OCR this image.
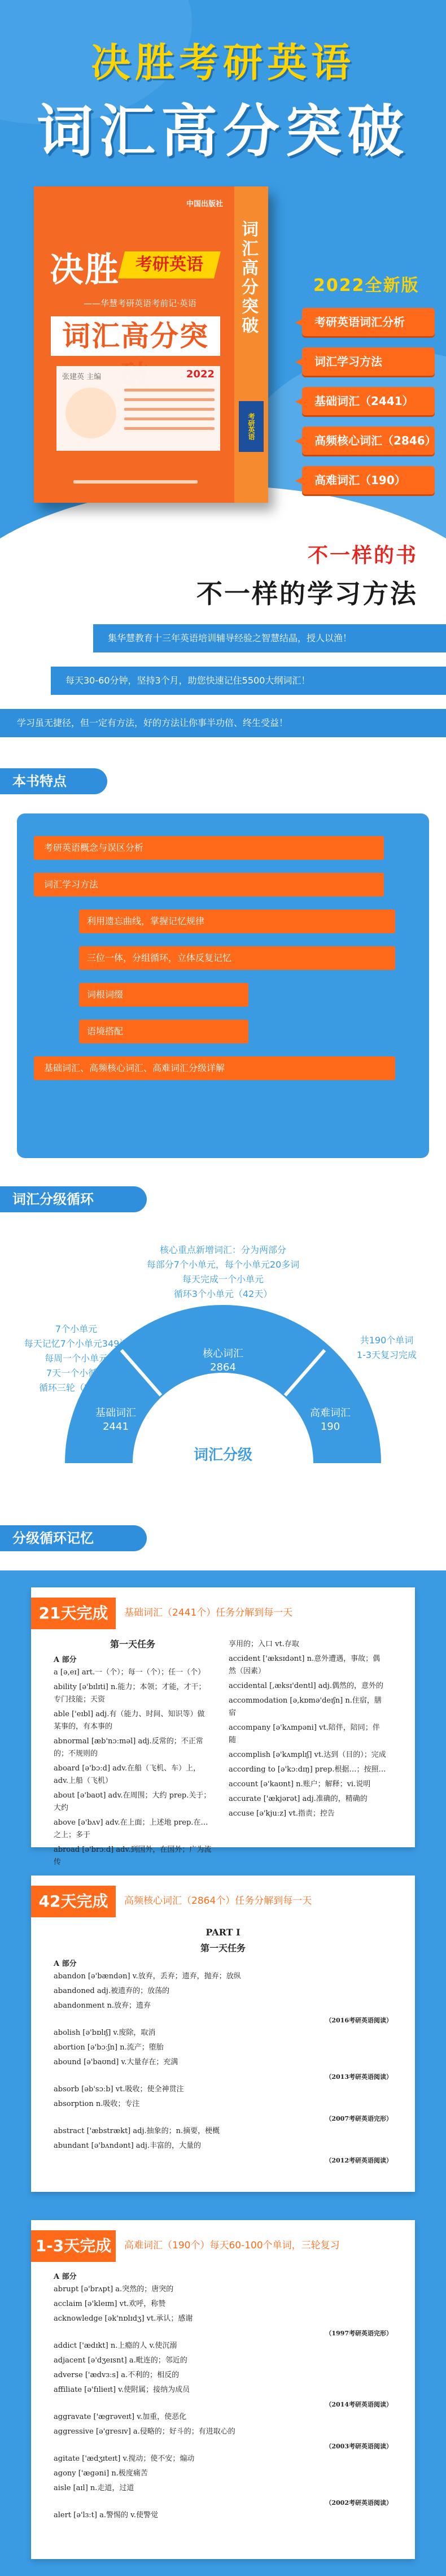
决胜考研英语
词汇高分突破
中国出版社
决胜 考研英语
——华慧考研英语考前记·英语
词汇高分突
张建英 主编	2022
词汇高分突破
考研英语
2022全新版
考研英语词汇分析
词汇学习方法
基础词汇（2441）
高频核心词汇（2846）
高难词汇（190）
不一样的书
不一样的学习方法
集华慧教育十三年英语培训辅导经验之智慧结晶，授人以渔！
每天30-60分钟，坚持3个月，助您快速记住5500大纲词汇！
学习虽无捷径，但一定有方法，好的方法让你事半功倍、终生受益！
本书特点
考研英语概念与误区分析
词汇学习方法
利用遗忘曲线，掌握记忆规律
三位一体，分组循环，立体反复记忆
词根词缀
语境搭配
基础词汇、高频核心词汇、高难词汇分级详解
词汇分级循环
基础词汇
2441
核心词汇
2864
高难词汇
190
词汇分级
7个小单元
每天记忆7个小单元349词
每周一个小单元
7天一个小循环
循环三轮（21天）
核心重点新增词汇：分为两部分
每部分7个小单元，每个小单元20多词
每天完成一个小单元
循环3个小单元（42天）
共190个单词
1-3天复习完成
分级循环记忆
21天完成	基础词汇（2441个）任务分解到每一天
第一天任务
A 部分
a [ə,eɪ] art.一（个）；每一（个）；任一（个）
ability [ə'bɪlɪti] n.能力；本领；才能，才干；专门技能；天资
able ['eɪbl] adj.有（能力、时间、知识等）做某事的，有本事的
abnormal [æb'nɔːməl] adj.反常的；不正常的；不规则的
aboard [ə'bɔːd] adv.在船（飞机、车）上，adv.上船（飞机）
about [ə'baʊt] adv.在周围；大约 prep.关于；大约
above [ə'bʌv] adv.在上面；上述地 prep.在…之上；多于
abroad [ə'brɔːd] adv.到国外，在国外；广为流传
享用的；入口 vt.存取
accident ['æksɪdənt] n.意外遭遇，事故；偶然（因素）
accidental [,æksɪ'dentl] adj.偶然的，意外的
accommodation [ə,kɒmə'deɪʃn] n.住宿，膳宿
accompany [ə'kʌmpəni] vt.陪伴，陪同；伴随
accomplish [ə'kʌmplɪʃ] vt.达到（目的）；完成
according to [ə'kɔːdɪŋ] prep.根据…；按照…
account [ə'kaʊnt] n.账户；解释；vi.说明
accurate ['ækjərət] adj.准确的，精确的
accuse [ə'kjuːz] vt.指责；控告
42天完成	高频核心词汇（2864个）任务分解到每一天
PART I
第一天任务
A 部分
abandon [ə'bændən] v.放弃，丢弃；遗弃，抛弃；放纵
abandoned adj.被遗弃的；放荡的
abandonment n.放弃；遗弃
（2016考研英语阅读）
abolish [ə'bɒlɪʃ] v.废除，取消
abortion [ə'bɔːʃn] n.流产；堕胎
abound [ə'baʊnd] v.大量存在；充满
（2013考研英语阅读）
absorb [əb'sɔːb] vt.吸收；使全神贯注
absorption n.吸收；专注
（2007考研英语完形）
abstract ['æbstrækt] adj.抽象的；n.摘要，梗概
abundant [ə'bʌndənt] adj.丰富的，大量的
（2012考研英语阅读）
1-3天完成	高难词汇（190个）每天60-100个单词，三轮复习
A 部分
abrupt [ə'brʌpt] a.突然的；唐突的
acclaim [ə'kleɪm] vt.欢呼，称赞
acknowledge [ək'nɒlɪdʒ] vt.承认；感谢
（1997考研英语完形）
addict ['ædɪkt] n.上瘾的人 v.使沉溺
adjacent [ə'dʒeɪsnt] a.毗连的；邻近的
adverse ['ædvɜːs] a.不利的；相反的
affiliate [ə'fɪlieɪt] v.使附属；接纳为成员
（2014考研英语阅读）
aggravate ['ægrəveɪt] v.加重，使恶化
aggressive [ə'gresɪv] a.侵略的；好斗的；有进取心的
（2003考研英语阅读）
agitate ['ædʒɪteɪt] v.搅动；使不安；煽动
agony ['ægəni] n.极度痛苦
aisle [aɪl] n.走道，过道
（2002考研英语阅读）
alert [ə'lɜːt] a.警惕的 v.使警觉
